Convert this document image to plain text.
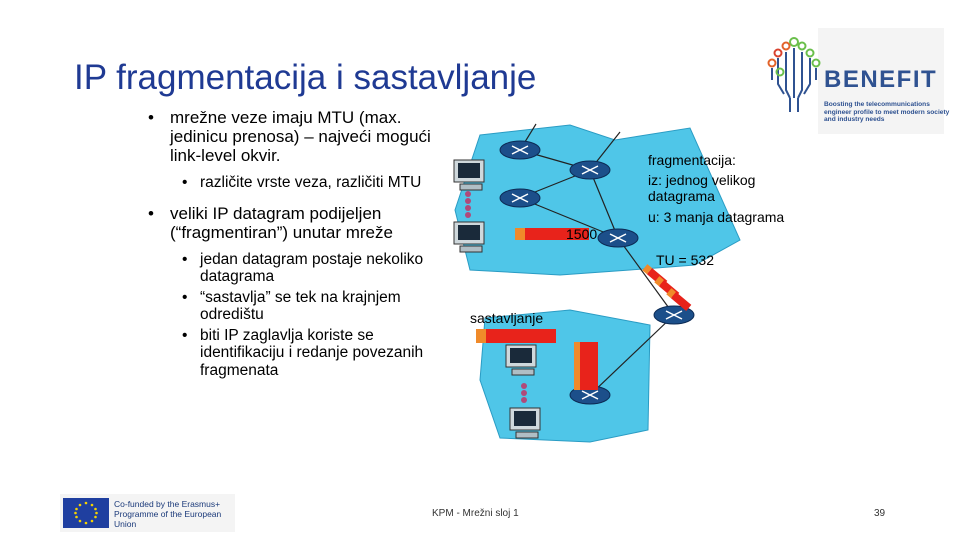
IP fragmentacija i sastavljanje
• mrežne veze imaju MTU (max. jedinicu prenosa) – najveći mogući link-level okvir.
• različite vrste veza, različiti MTU
• veliki IP datagram podijeljen (“fragmentiran”) unutar mreže
• jedan datagram postaje nekoliko datagrama
• “sastavlja” se tek na krajnjem odredištu
• biti IP zaglavlja koriste se identifikaciju i redanje povezanih fragmenata
fragmentacija:
iz: jednog velikog datagrama
u: 3 manja datagrama
1500
TU = 532
sastavljanje
BENEFIT
Boosting the telecommunications engineer profile to meet modern society and industry needs
Co-funded by the Erasmus+ Programme of the European Union
KPM - Mrežni sloj 1	39
